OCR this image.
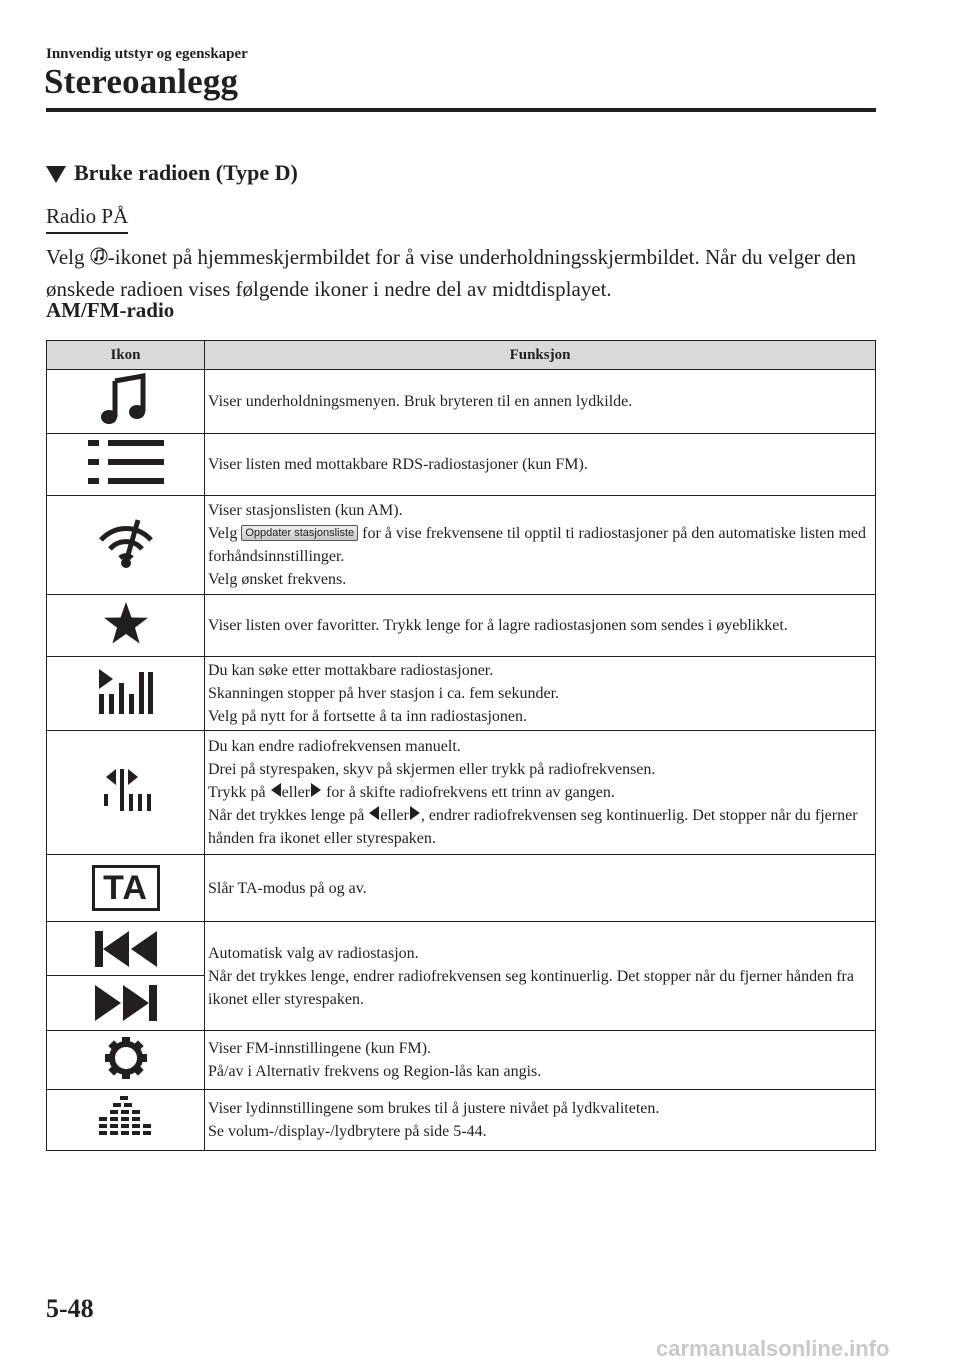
Innvendig utstyr og egenskaper
Stereoanlegg
Bruke radioen (Type D)
Radio PÅ
Velg -ikonet på hjemmeskjermbildet for å vise underholdningsskjermbildet. Når du velger den ønskede radioen vises følgende ikoner i nedre del av midtdisplayet.
AM/FM-radio
Ikon	Funksjon

Viser underholdningsmenyen. Bruk bryteren til en annen lydkilde.

Viser listen med mottakbare RDS-radiostasjoner (kun FM).

Viser stasjonslisten (kun AM).
Velg Oppdater stasjonsliste for å vise frekvensene til opptil ti radiostasjoner på den automatiske listen med forhåndsinnstillinger.
Velg ønsket frekvens.

Viser listen over favoritter. Trykk lenge for å lagre radiostasjonen som sendes i øyeblikket.

Du kan søke etter mottakbare radiostasjoner.
Skanningen stopper på hver stasjon i ca. fem sekunder.
Velg på nytt for å fortsette å ta inn radiostasjonen.

Du kan endre radiofrekvensen manuelt.
Drei på styrespaken, skyv på skjermen eller trykk på radiofrekvensen.
Trykk på eller for å skifte radiofrekvens ett trinn av gangen.
Når det trykkes lenge på eller , endrer radiofrekvensen seg kontinuerlig. Det stopper når du fjerner hånden fra ikonet eller styrespaken.

TA	Slår TA-modus på og av.

Automatisk valg av radiostasjon.
Når det trykkes lenge, endrer radiofrekvensen seg kontinuerlig. Det stopper når du fjerner hånden fra ikonet eller styrespaken.

Viser FM-innstillingene (kun FM).
På/av i Alternativ frekvens og Region-lås kan angis.

Viser lydinnstillingene som brukes til å justere nivået på lydkvaliteten.
Se volum-/display-/lydbrytere på side 5-44.
5-48
carmanualsonline.info
